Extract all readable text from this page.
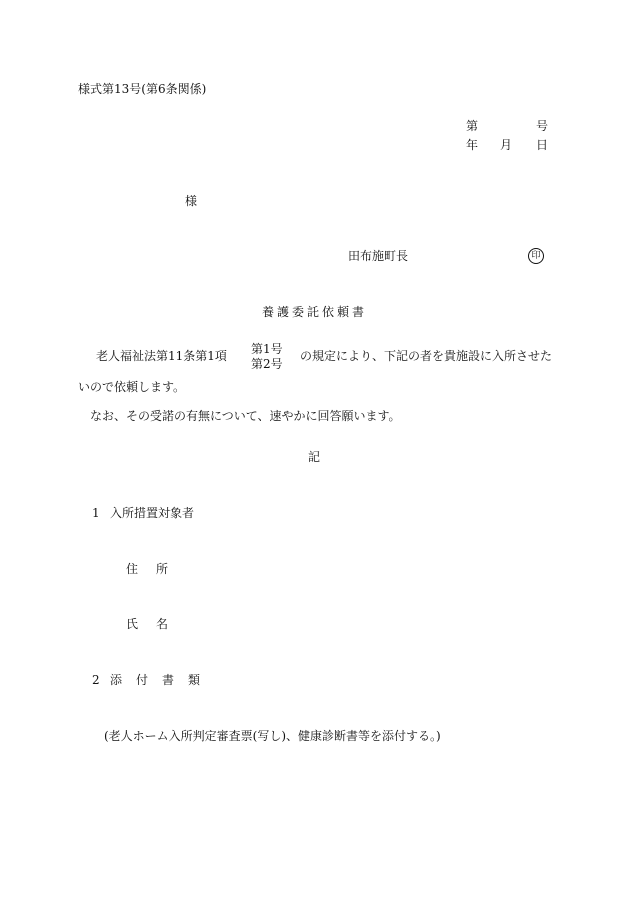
様式第13号(第6条関係)
第	号
年 月 日
様
田布施町長	印
養護委託依頼書
老人福祉法第11条第1項 第1号
第2号
の規定により、下記の者を貴施設に入所させた
いので依頼します。
なお、その受諾の有無について、速やかに回答願います。
記
1 入所措置対象者
住　所
氏　名
2 添付書類
(老人ホーム入所判定審査票(写し)、健康診断書等を添付する。)
